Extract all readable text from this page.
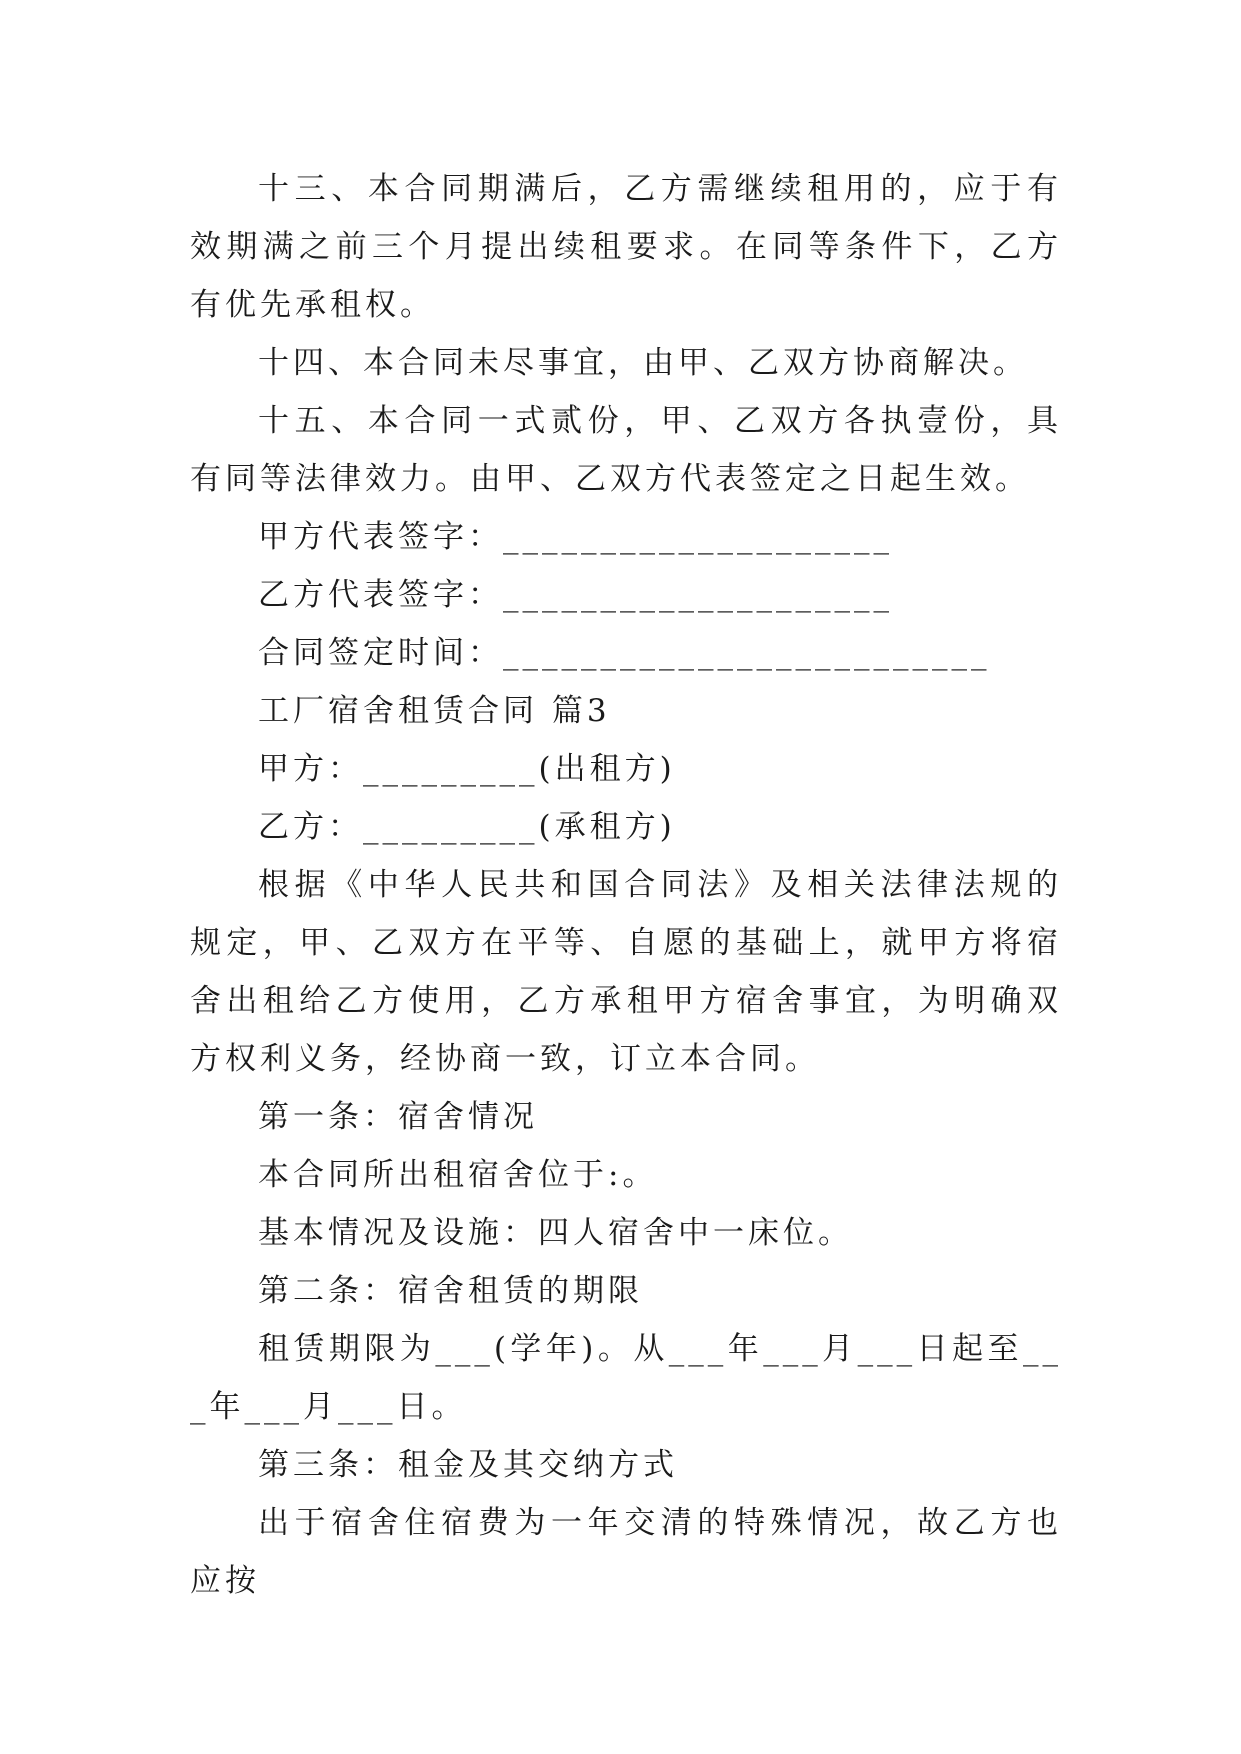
十三、本合同期满后，乙方需继续租用的，应于有效期满之前三个月提出续租要求。在同等条件下，乙方有优先承租权。

十四、本合同未尽事宜，由甲、乙双方协商解决。

十五、本合同一式贰份，甲、乙双方各执壹份，具有同等法律效力。由甲、乙双方代表签定之日起生效。

甲方代表签字：____________________

乙方代表签字：____________________

合同签定时间：_________________________

工厂宿舍租赁合同 篇3

甲方：_________(出租方)

乙方：_________(承租方)

根据《中华人民共和国合同法》及相关法律法规的规定，甲、乙双方在平等、自愿的基础上，就甲方将宿舍出租给乙方使用，乙方承租甲方宿舍事宜，为明确双方权利义务，经协商一致，订立本合同。

第一条：宿舍情况

本合同所出租宿舍位于:。

基本情况及设施：四人宿舍中一床位。

第二条：宿舍租赁的期限

租赁期限为___(学年)。从___年___月___日起至___年___月___日。

第三条：租金及其交纳方式

出于宿舍住宿费为一年交清的特殊情况，故乙方也应按
